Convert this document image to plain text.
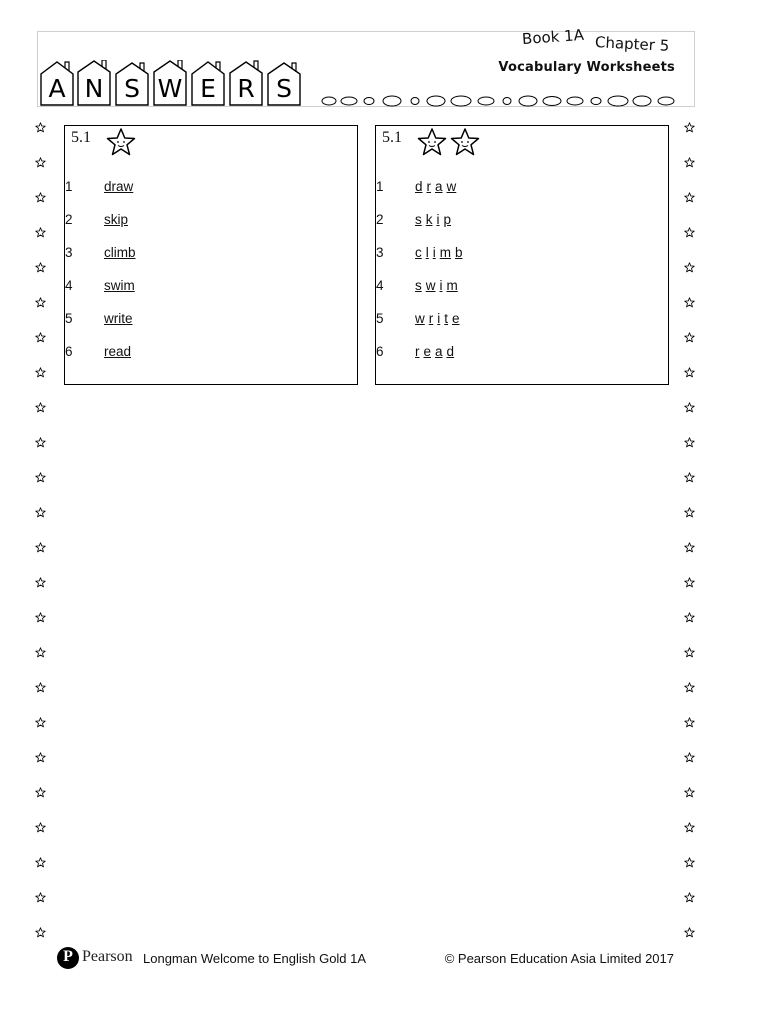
A N S W E R S
Book 1A Chapter 5
Vocabulary Worksheets
5.1
1	draw
2	skip
3	climb
4	swim
5	write
6	read
5.1
1	d r a w
2	s k i p
3	c l i m b
4	s w i m
5	w r i t e
6	r e a d
P Pearson Longman Welcome to English Gold 1A	© Pearson Education Asia Limited 2017
